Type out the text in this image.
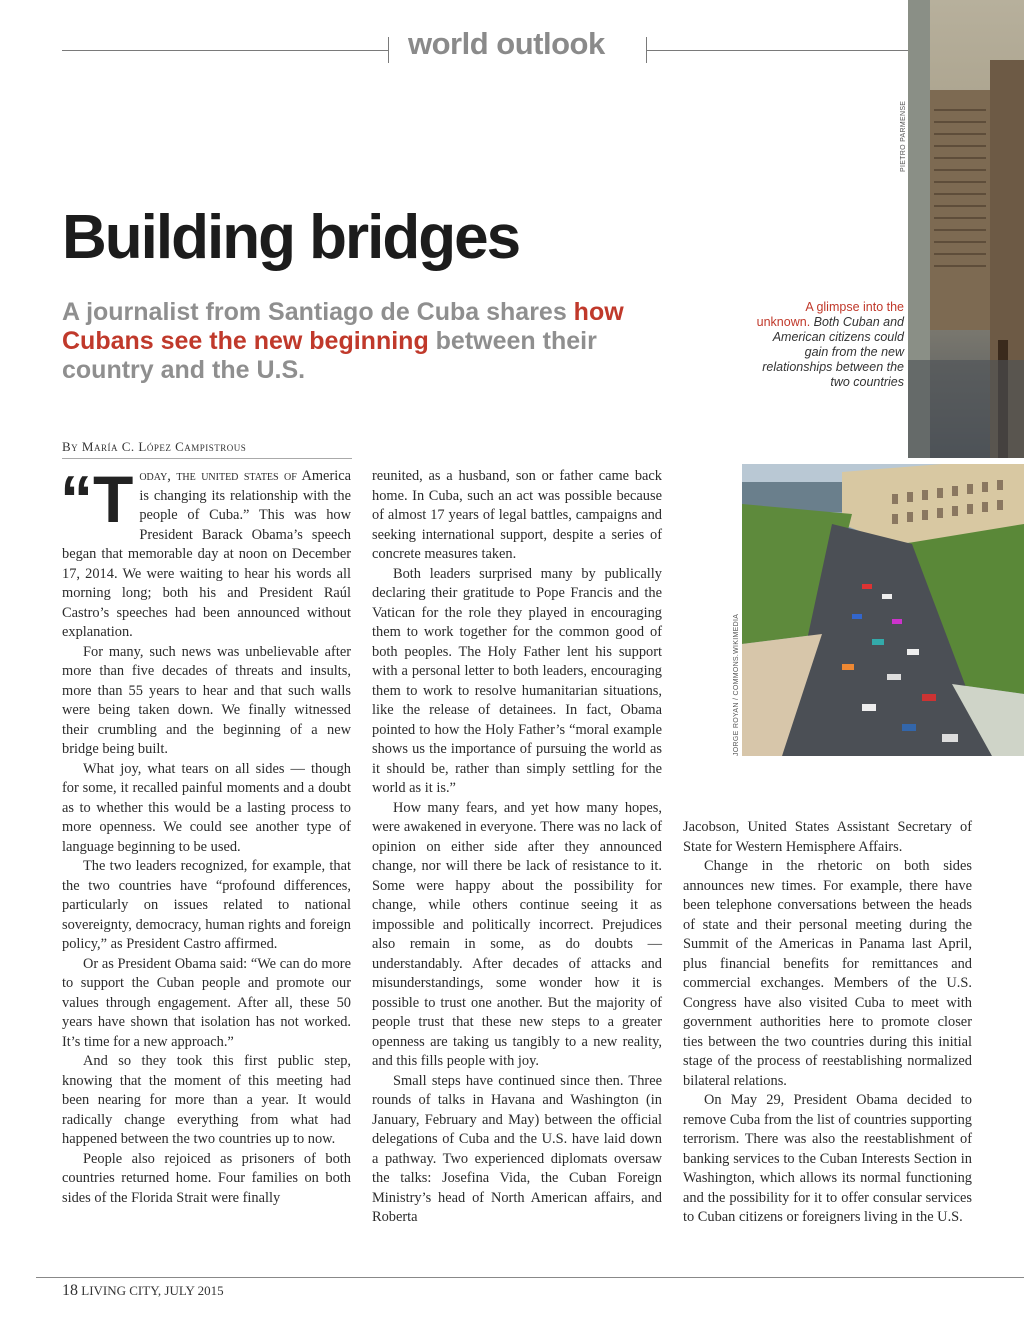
world outlook
PIETRO PARMENSE
Building bridges
A journalist from Santiago de Cuba shares how Cubans see the new beginning between their country and the U.S.
A glimpse into the unknown. Both Cuban and American citizens could gain from the new relationships between the two countries
By María C. López Campistrous
JORGE ROYAN / COMMONS.WIKIMEDIA

“Today, the united states of America is changing its relationship with the people of Cuba.” This was how President Barack Obama’s speech began that memorable day at noon on December 17, 2014. We were waiting to hear his words all morning long; both his and President Raúl Castro’s speeches had been announced without explanation.

For many, such news was unbelievable after more than five decades of threats and insults, more than 55 years to hear and that such walls were being taken down. We finally witnessed their crumbling and the beginning of a new bridge being built.

What joy, what tears on all sides — though for some, it recalled painful moments and a doubt as to whether this would be a lasting process to more openness. We could see another type of language beginning to be used.

The two leaders recognized, for example, that the two countries have “profound differences, particularly on issues related to national sovereignty, democracy, human rights and foreign policy,” as President Castro affirmed.

Or as President Obama said: “We can do more to support the Cuban people and promote our values through engagement. After all, these 50 years have shown that isolation has not worked. It’s time for a new approach.”

And so they took this first public step, knowing that the moment of this meeting had been nearing for more than a year. It would radically change everything from what had happened between the two countries up to now.

People also rejoiced as prisoners of both countries returned home. Four families on both sides of the Florida Strait were finally

reunited, as a husband, son or father came back home. In Cuba, such an act was possible because of almost 17 years of legal battles, campaigns and seeking international support, despite a series of concrete measures taken.

Both leaders surprised many by publically declaring their gratitude to Pope Francis and the Vatican for the role they played in encouraging them to work together for the common good of both peoples. The Holy Father lent his support with a personal letter to both leaders, encouraging them to work to resolve humanitarian situations, like the release of detainees. In fact, Obama pointed to how the Holy Father’s “moral example shows us the importance of pursuing the world as it should be, rather than simply settling for the world as it is.”

How many fears, and yet how many hopes, were awakened in everyone. There was no lack of opinion on either side after they announced change, nor will there be lack of resistance to it. Some were happy about the possibility for change, while others continue seeing it as impossible and politically incorrect. Prejudices also remain in some, as do doubts — understandably. After decades of attacks and misunderstandings, some wonder how it is possible to trust one another. But the majority of people trust that these new steps to a greater openness are taking us tangibly to a new reality, and this fills people with joy.

Small steps have continued since then. Three rounds of talks in Havana and Washington (in January, February and May) between the official delegations of Cuba and the U.S. have laid down a pathway. Two experienced diplomats oversaw the talks: Josefina Vida, the Cuban Foreign Ministry’s head of North American affairs, and Roberta

Jacobson, United States Assistant Secretary of State for Western Hemisphere Affairs.

Change in the rhetoric on both sides announces new times. For example, there have been telephone conversations between the heads of state and their personal meeting during the Summit of the Americas in Panama last April, plus financial benefits for remittances and commercial exchanges. Members of the U.S. Congress have also visited Cuba to meet with government authorities here to promote closer ties between the two countries during this initial stage of the process of reestablishing normalized bilateral relations.

On May 29, President Obama decided to remove Cuba from the list of countries supporting terrorism. There was also the reestablishment of banking services to the Cuban Interests Section in Washington, which allows its normal functioning and the possibility for it to offer consular services to Cuban citizens or foreigners living in the U.S.

18 LIVING CITY, JULY 2015
